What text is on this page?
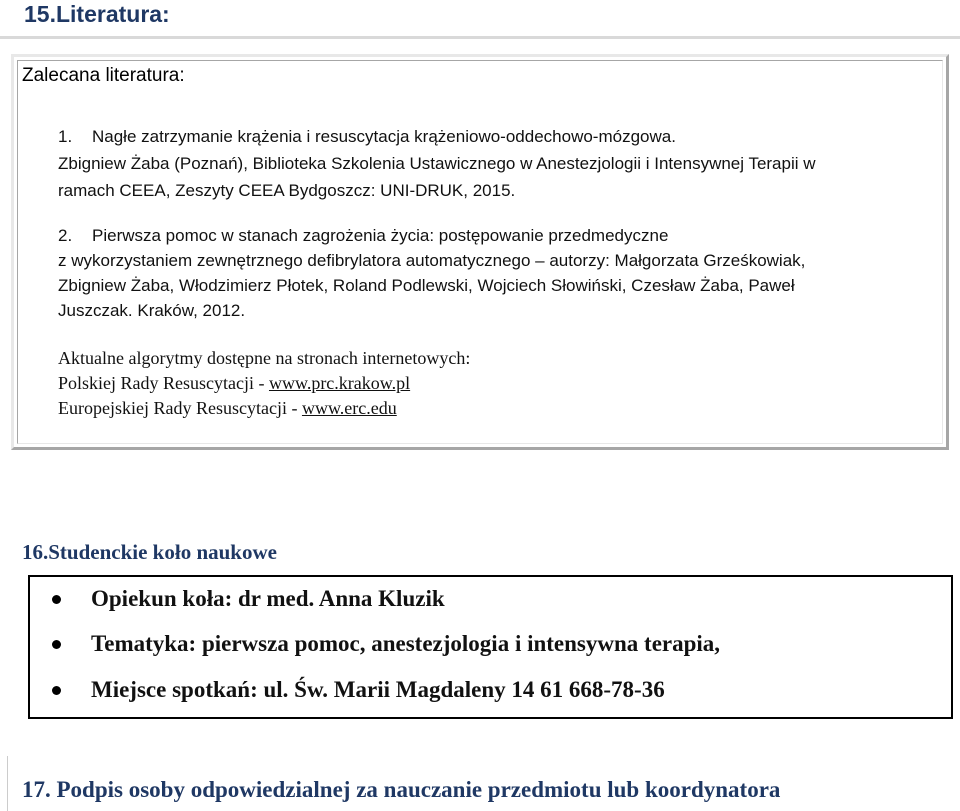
15.Literatura:
Zalecana literatura:
1. Nagłe zatrzymanie krążenia i resuscytacja krążeniowo-oddechowo-mózgowa.
Zbigniew Żaba (Poznań), Biblioteka Szkolenia Ustawicznego w Anestezjologii i Intensywnej Terapii w
ramach CEEA, Zeszyty CEEA Bydgoszcz: UNI-DRUK, 2015.
2. Pierwsza pomoc w stanach zagrożenia życia: postępowanie przedmedyczne
z wykorzystaniem zewnętrznego defibrylatora automatycznego – autorzy: Małgorzata Grześkowiak,
Zbigniew Żaba, Włodzimierz Płotek, Roland Podlewski, Wojciech Słowiński, Czesław Żaba, Paweł
Juszczak. Kraków, 2012.
Aktualne algorytmy dostępne na stronach internetowych:
Polskiej Rady Resuscytacji - www.prc.krakow.pl
Europejskiej Rady Resuscytacji - www.erc.edu
16.Studenckie koło naukowe
Opiekun koła: dr med. Anna Kluzik
Tematyka: pierwsza pomoc, anestezjologia i intensywna terapia,
Miejsce spotkań: ul. Św. Marii Magdaleny 14 61 668-78-36
17. Podpis osoby odpowiedzialnej za nauczanie przedmiotu lub koordynatora
